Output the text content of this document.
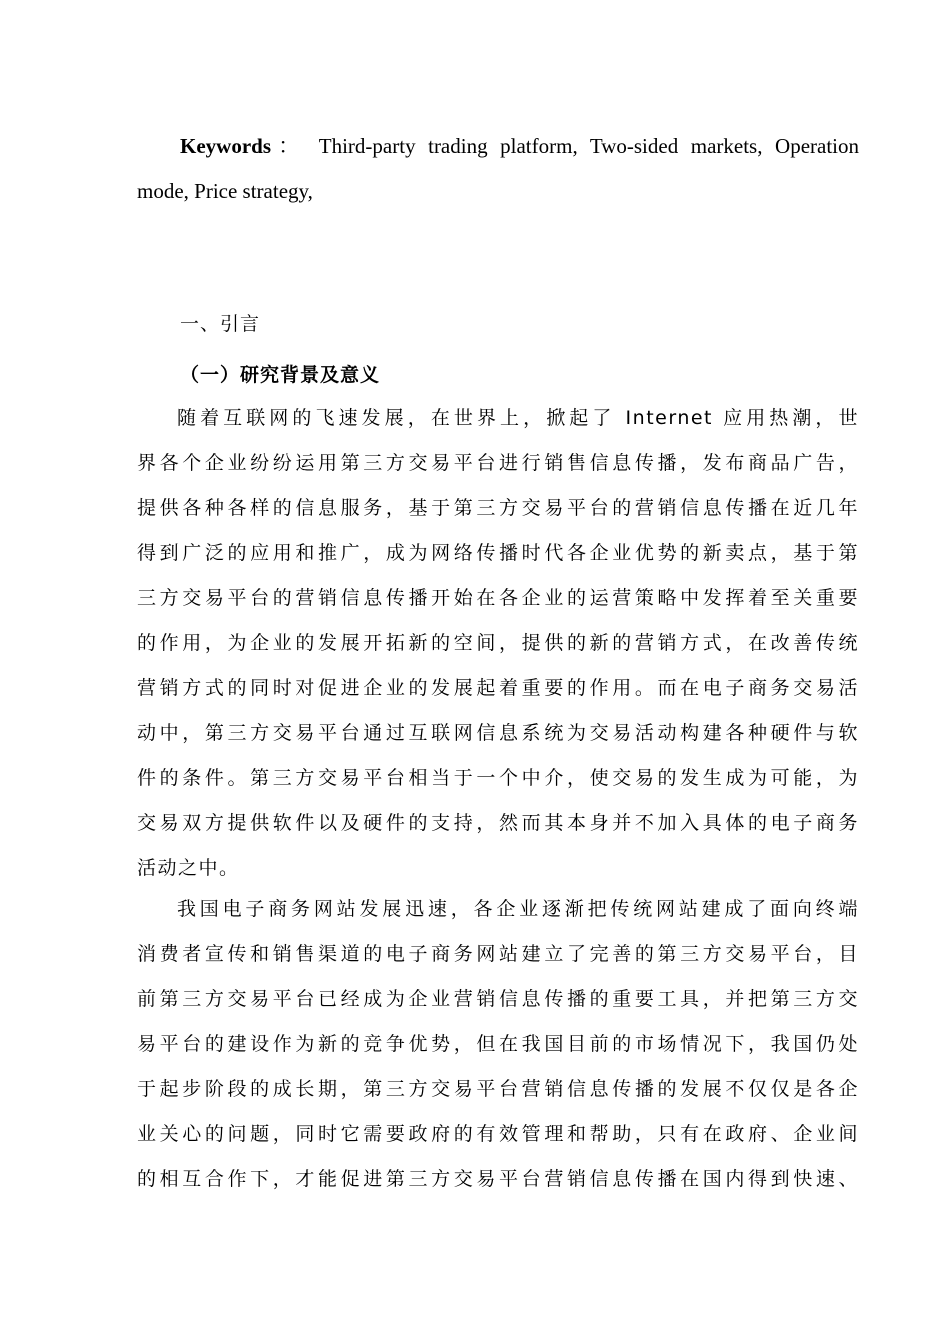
Keywords： Third-party trading platform, Two-sided markets, Operation
mode, Price strategy,
一、引言
（一）研究背景及意义
随着互联网的飞速发展，在世界上，掀起了 Internet 应用热潮，世
界各个企业纷纷运用第三方交易平台进行销售信息传播，发布商品广告，
提供各种各样的信息服务，基于第三方交易平台的营销信息传播在近几年
得到广泛的应用和推广，成为网络传播时代各企业优势的新卖点，基于第
三方交易平台的营销信息传播开始在各企业的运营策略中发挥着至关重要
的作用，为企业的发展开拓新的空间，提供的新的营销方式，在改善传统
营销方式的同时对促进企业的发展起着重要的作用。而在电子商务交易活
动中，第三方交易平台通过互联网信息系统为交易活动构建各种硬件与软
件的条件。第三方交易平台相当于一个中介，使交易的发生成为可能，为
交易双方提供软件以及硬件的支持，然而其本身并不加入具体的电子商务
活动之中。
我国电子商务网站发展迅速，各企业逐渐把传统网站建成了面向终端
消费者宣传和销售渠道的电子商务网站建立了完善的第三方交易平台，目
前第三方交易平台已经成为企业营销信息传播的重要工具，并把第三方交
易平台的建设作为新的竞争优势，但在我国目前的市场情况下，我国仍处
于起步阶段的成长期，第三方交易平台营销信息传播的发展不仅仅是各企
业关心的问题，同时它需要政府的有效管理和帮助，只有在政府、企业间
的相互合作下，才能促进第三方交易平台营销信息传播在国内得到快速、
